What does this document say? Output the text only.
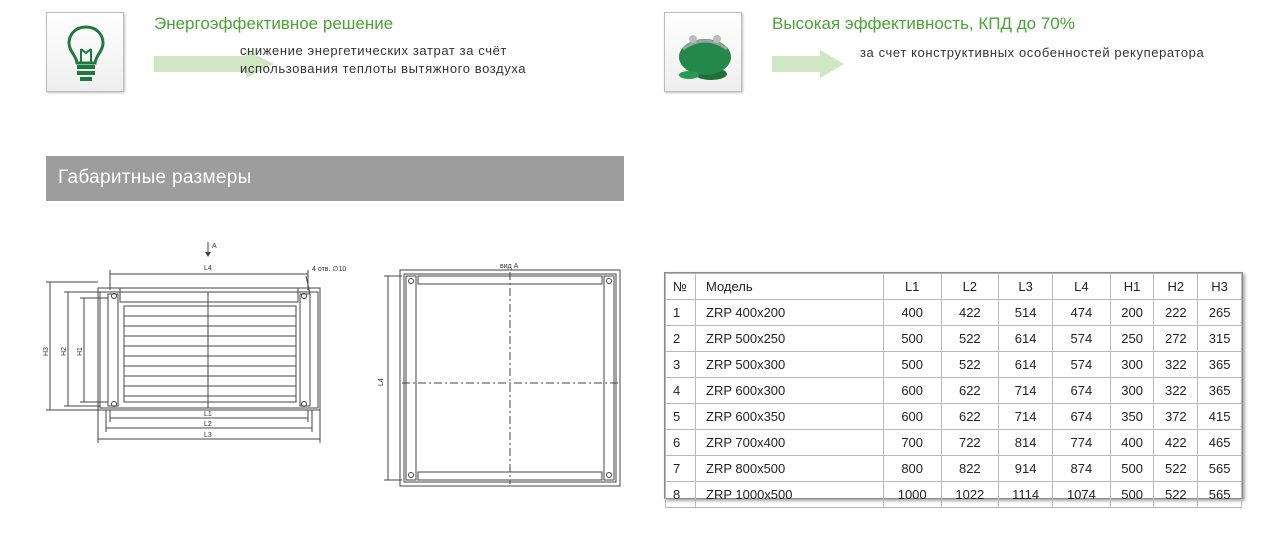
Энергоэффективное решение
снижение энергетических затрат за счёт
использования теплоты вытяжного воздуха
Высокая эффективность, КПД до 70%
за счет конструктивных особенностей рекуператора
Габаритные размеры
A
L4	4 отв. ∅10
L1
L2
L3
H3 H2 H1
вид А
L4
№	Модель	L1	L2	L3	L4	H1	H2	H3
1	ZRP 400x200	400	422	514	474	200	222	265
2	ZRP 500x250	500	522	614	574	250	272	315
3	ZRP 500x300	500	522	614	574	300	322	365
4	ZRP 600x300	600	622	714	674	300	322	365
5	ZRP 600x350	600	622	714	674	350	372	415
6	ZRP 700x400	700	722	814	774	400	422	465
7	ZRP 800x500	800	822	914	874	500	522	565
8	ZRP 1000x500	1000	1022	1114	1074	500	522	565
